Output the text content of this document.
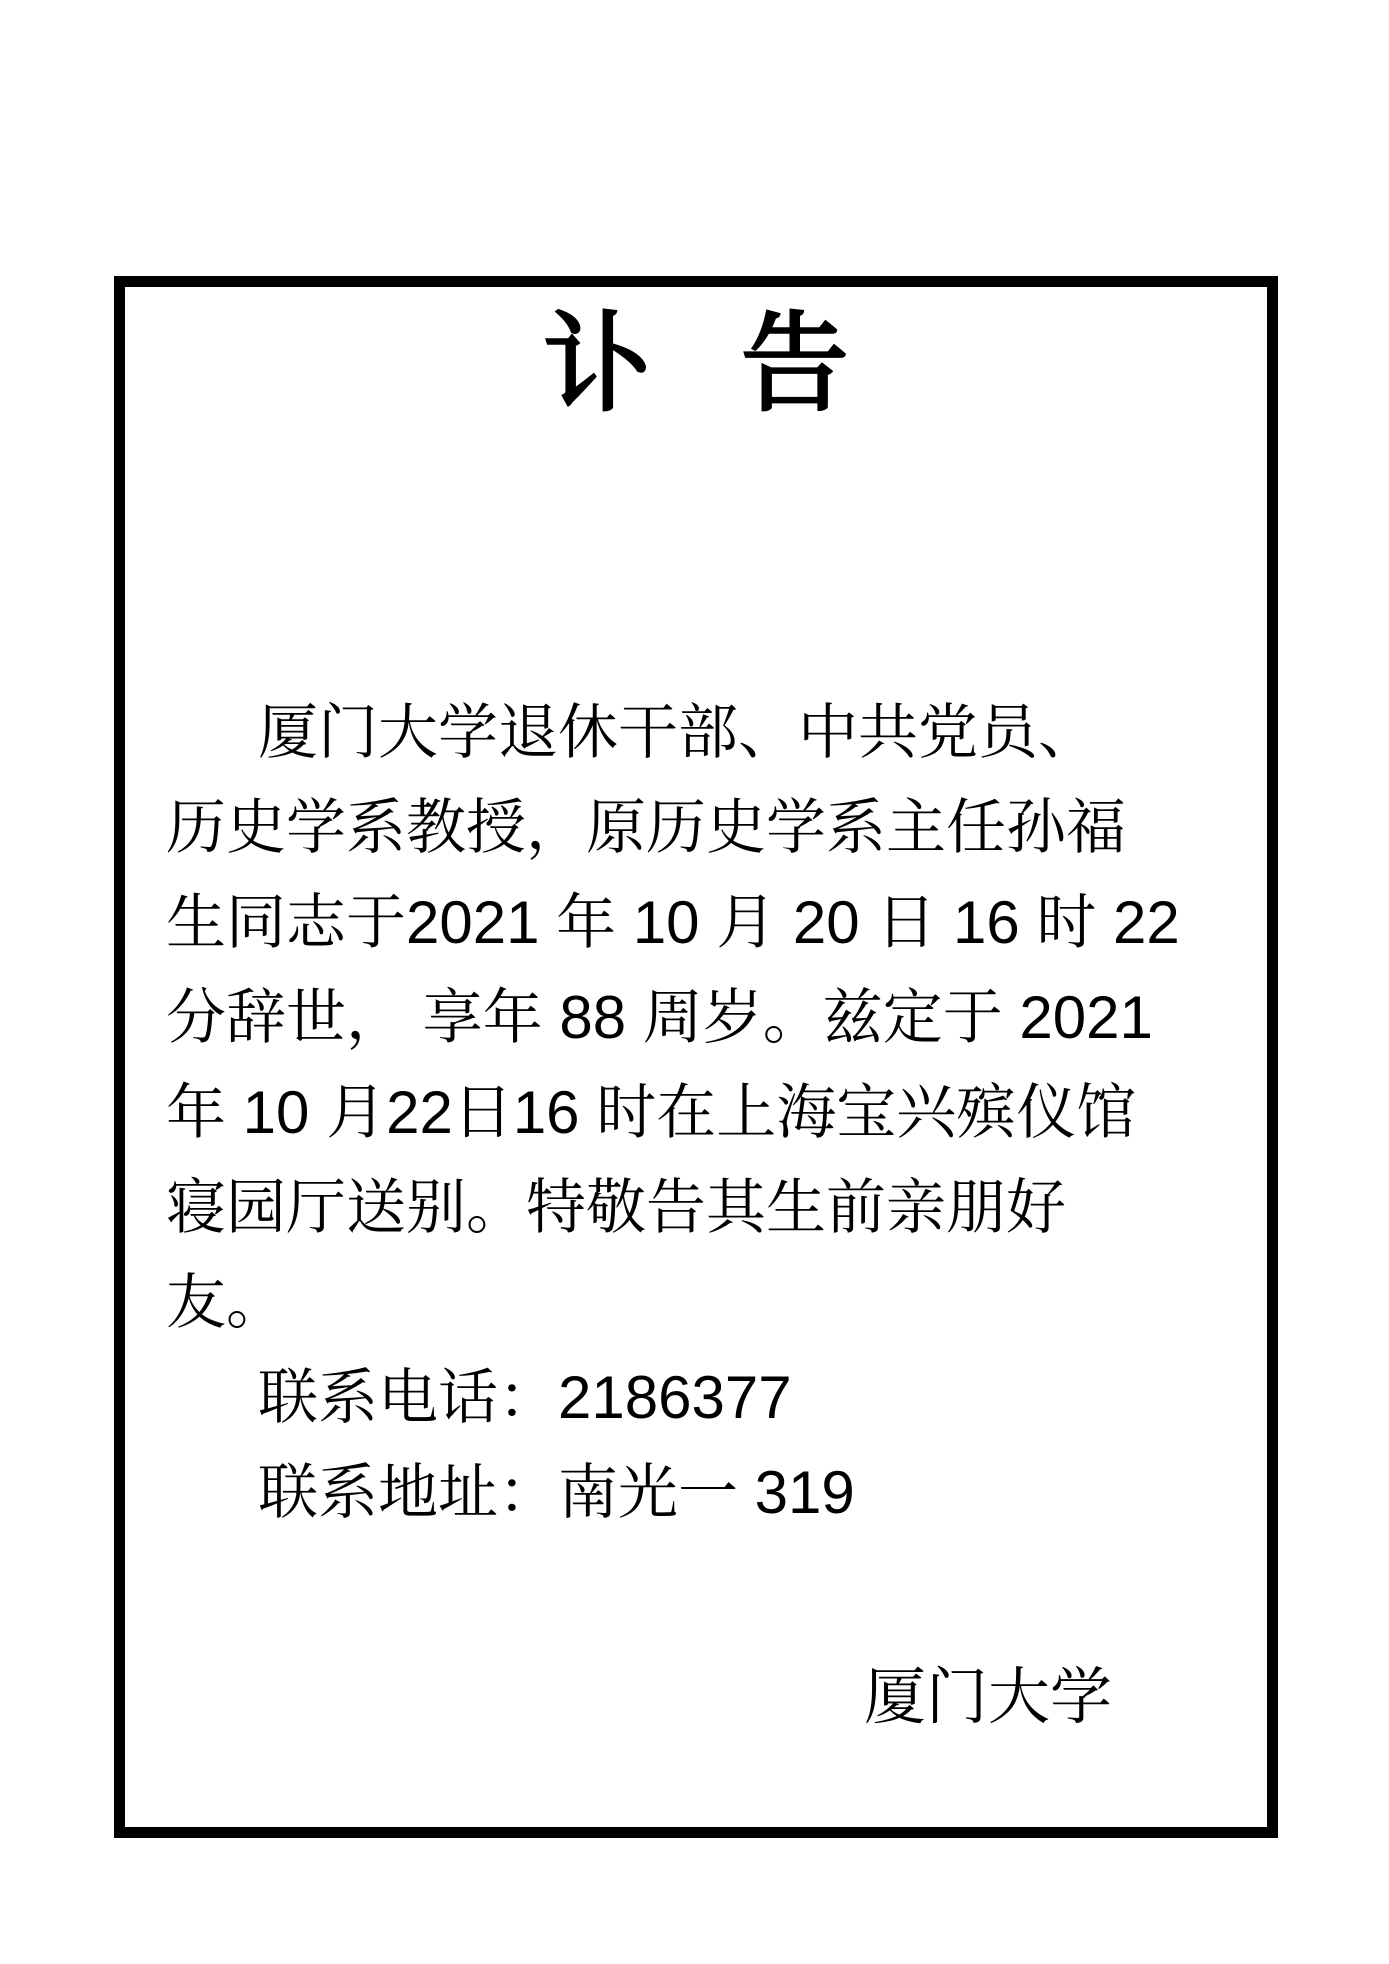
讣 告
厦门大学退休干部、中共党员、
历史学系教授，原历史学系主任孙福
生同志于2021 年 10 月 20 日 16 时 22
分辞世， 享年 88 周岁。兹定于 2021
年 10 月22日16 时在上海宝兴殡仪馆
寝园厅送别。特敬告其生前亲朋好
友。
联系电话：2186377
联系地址：南光一 319
厦门大学
